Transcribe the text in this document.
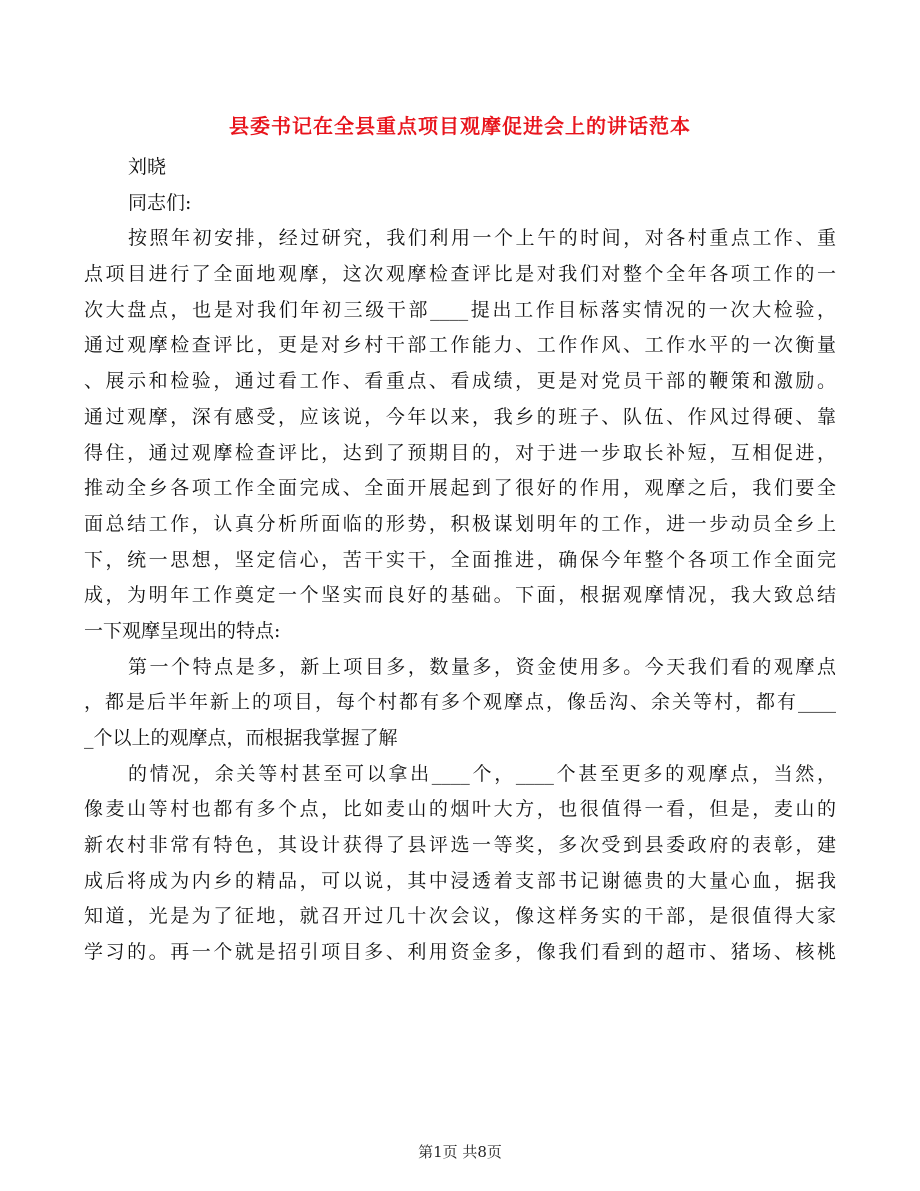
县委书记在全县重点项目观摩促进会上的讲话范本
刘晓
同志们:
按照年初安排，经过研究，我们利用一个上午的时间，对各村重点工作、重
点项目进行了全面地观摩，这次观摩检查评比是对我们对整个全年各项工作的一
次大盘点，也是对我们年初三级干部____提出工作目标落实情况的一次大检验，
通过观摩检查评比，更是对乡村干部工作能力、工作作风、工作水平的一次衡量
、展示和检验，通过看工作、看重点、看成绩，更是对党员干部的鞭策和激励。
通过观摩，深有感受，应该说，今年以来，我乡的班子、队伍、作风过得硬、靠
得住，通过观摩检查评比，达到了预期目的，对于进一步取长补短，互相促进，
推动全乡各项工作全面完成、全面开展起到了很好的作用，观摩之后，我们要全
面总结工作，认真分析所面临的形势，积极谋划明年的工作，进一步动员全乡上
下，统一思想，坚定信心，苦干实干，全面推进，确保今年整个各项工作全面完
成，为明年工作奠定一个坚实而良好的基础。下面，根据观摩情况，我大致总结
一下观摩呈现出的特点:
第一个特点是多，新上项目多，数量多，资金使用多。今天我们看的观摩点
，都是后半年新上的项目，每个村都有多个观摩点，像岳沟、余关等村，都有____
_个以上的观摩点，而根据我掌握了解
的情况，余关等村甚至可以拿出____个，____个甚至更多的观摩点，当然，
像麦山等村也都有多个点，比如麦山的烟叶大方，也很值得一看，但是，麦山的
新农村非常有特色，其设计获得了县评选一等奖，多次受到县委政府的表彰，建
成后将成为内乡的精品，可以说，其中浸透着支部书记谢德贵的大量心血，据我
知道，光是为了征地，就召开过几十次会议，像这样务实的干部，是很值得大家
学习的。再一个就是招引项目多、利用资金多，像我们看到的超市、猪场、核桃
第1页 共8页
